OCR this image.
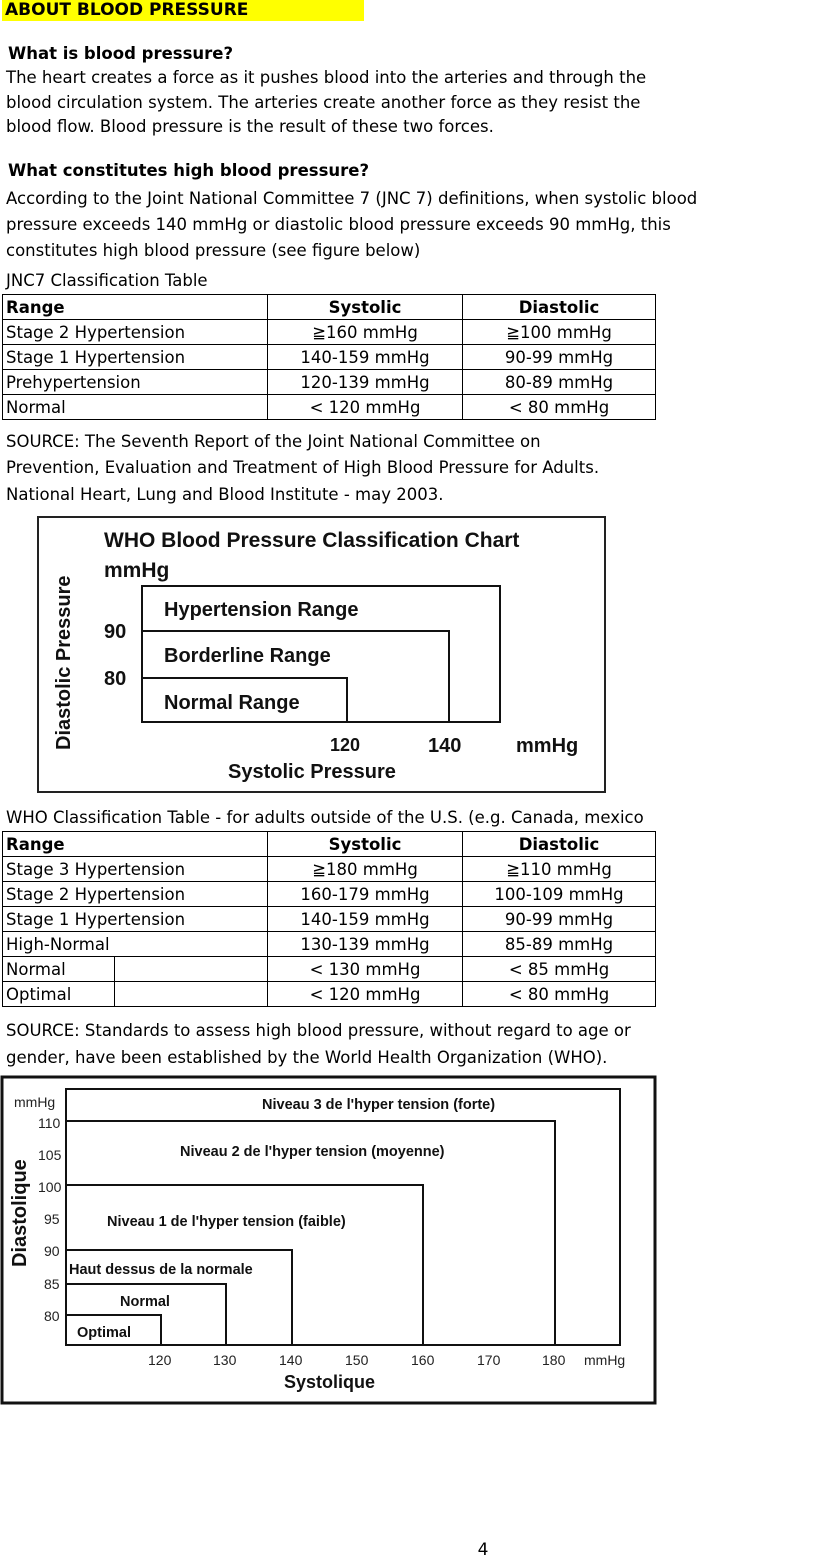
ABOUT BLOOD PRESSURE
What is blood pressure?
The heart creates a force as it pushes blood into the arteries and through the
blood circulation system. The arteries create another force as they resist the
blood flow. Blood pressure is the result of these two forces.
What constitutes high blood pressure?
According to the Joint National Committee 7 (JNC 7) definitions, when systolic blood
pressure exceeds 140 mmHg or diastolic blood pressure exceeds 90 mmHg, this
constitutes high blood pressure (see figure below)
JNC7 Classification Table
Range	Systolic	Diastolic
Stage 2 Hypertension	≧160 mmHg	≧100 mmHg
Stage 1 Hypertension	140-159 mmHg	90-99 mmHg
Prehypertension	120-139 mmHg	80-89 mmHg
Normal	< 120 mmHg	< 80 mmHg
SOURCE: The Seventh Report of the Joint National Committee on
Prevention, Evaluation and Treatment of High Blood Pressure for Adults.
National Heart, Lung and Blood Institute - may 2003.
WHO Blood Pressure Classification Chart
mmHg
Diastolic Pressure 90
80
Hypertension Range
Borderline Range
Normal Range
120	140	mmHg
Systolic Pressure
WHO Classification Table - for adults outside of the U.S. (e.g. Canada, mexico
Range		Systolic	Diastolic
Stage 3 Hypertension		≧180 mmHg	≧110 mmHg
Stage 2 Hypertension		160-179 mmHg	100-109 mmHg
Stage 1 Hypertension		140-159 mmHg	90-99 mmHg
High-Normal		130-139 mmHg	85-89 mmHg
Normal		< 130 mmHg	< 85 mmHg
Optimal		< 120 mmHg	< 80 mmHg
SOURCE: Standards to assess high blood pressure, without regard to age or
gender, have been established by the World Health Organization (WHO).
mmHg
Diastolique
110
105
100
95
90
85
80
Niveau 3 de l'hyper tension (forte)
Niveau 2 de l'hyper tension (moyenne)
Niveau 1 de l'hyper tension (faible)
Haut dessus de la normale
Normal
Optimal
120	130	140	150	160	170	180 mmHg
Systolique
4
